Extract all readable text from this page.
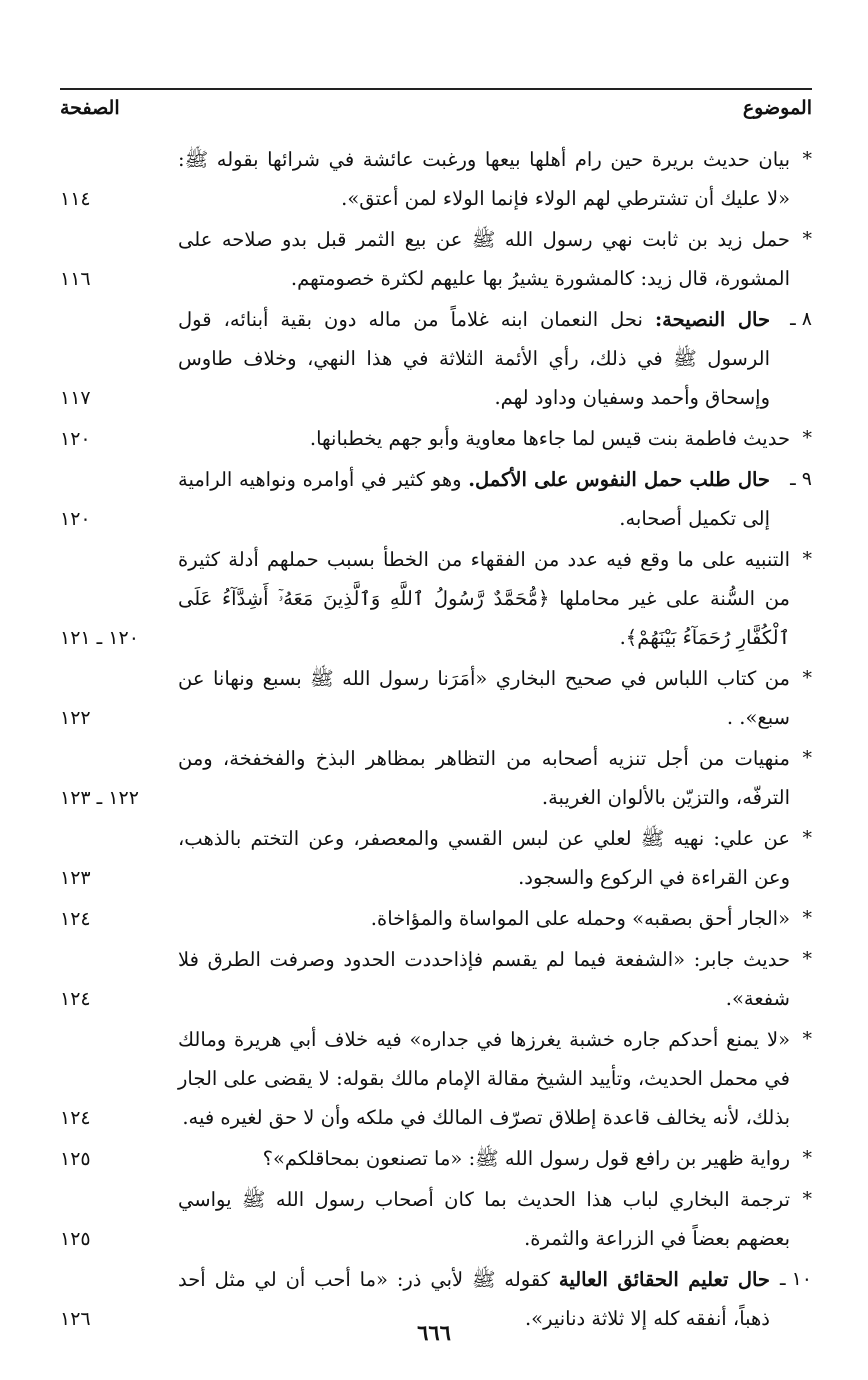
الموضوع
الصفحة
*
بيان حديث بريرة حين رام أهلها بيعها ورغبت عائشة في شرائها بقوله ﷺ: «لا عليك أن تشترطي لهم الولاء فإنما الولاء لمن أعتق».
١١٤
*
حمل زيد بن ثابت نهي رسول الله ﷺ عن بيع الثمر قبل بدو صلاحه على المشورة، قال زيد: كالمشورة يشيرُ بها عليهم لكثرة خصومتهم.
١١٦
٨ ـ
حال النصيحة: نحل النعمان ابنه غلاماً من ماله دون بقية أبنائه، قول الرسول ﷺ في ذلك، رأي الأئمة الثلاثة في هذا النهي، وخلاف طاوس وإسحاق وأحمد وسفيان وداود لهم.
١١٧
*
حديث فاطمة بنت قيس لما جاءها معاوية وأبو جهم يخطبانها.
١٢٠
٩ ـ
حال طلب حمل النفوس على الأكمل. وهو كثير في أوامره ونواهيه الرامية إلى تكميل أصحابه.
١٢٠
*
التنبيه على ما وقع فيه عدد من الفقهاء من الخطأ بسبب حملهم أدلة كثيرة من السُّنة على غير محاملها ﴿مُّحَمَّدٌ رَّسُولُ ٱللَّهِ وَٱلَّذِينَ مَعَهُۥٓ أَشِدَّآءُ عَلَى ٱلْكُفَّارِ رُحَمَآءُ بَيْنَهُمْ﴾.
١٢٠ ـ ١٢١
*
من كتاب اللباس في صحيح البخاري «أمَرَنا رسول الله ﷺ بسبع ونهانا عن سبع». .
١٢٢
*
منهيات من أجل تنزيه أصحابه من التظاهر بمظاهر البذخ والفخفخة، ومن الترفّه، والتزيّن بالألوان الغريبة.
١٢٢ ـ ١٢٣
*
عن علي: نهيه ﷺ لعلي عن لبس القسي والمعصفر، وعن التختم بالذهب، وعن القراءة في الركوع والسجود.
١٢٣
*
«الجار أحق بصقبه» وحمله على المواساة والمؤاخاة.
١٢٤
*
حديث جابر: «الشفعة فيما لم يقسم فإذاحددت الحدود وصرفت الطرق فلا شفعة».
١٢٤
*
«لا يمنع أحدكم جاره خشبة يغرزها في جداره» فيه خلاف أبي هريرة ومالك في محمل الحديث، وتأييد الشيخ مقالة الإمام مالك بقوله: لا يقضى على الجار بذلك، لأنه يخالف قاعدة إطلاق تصرّف المالك في ملكه وأن لا حق لغيره فيه.
١٢٤
*
رواية ظهير بن رافع قول رسول الله ﷺ: «ما تصنعون بمحاقلكم»؟
١٢٥
*
ترجمة البخاري لباب هذا الحديث بما كان أصحاب رسول الله ﷺ يواسي بعضهم بعضاً في الزراعة والثمرة.
١٢٥
١٠ ـ
حال تعليم الحقائق العالية كقوله ﷺ لأبي ذر: «ما أحب أن لي مثل أحد ذهباً، أنفقه كله إلا ثلاثة دنانير».
١٢٦
٦٦٦
